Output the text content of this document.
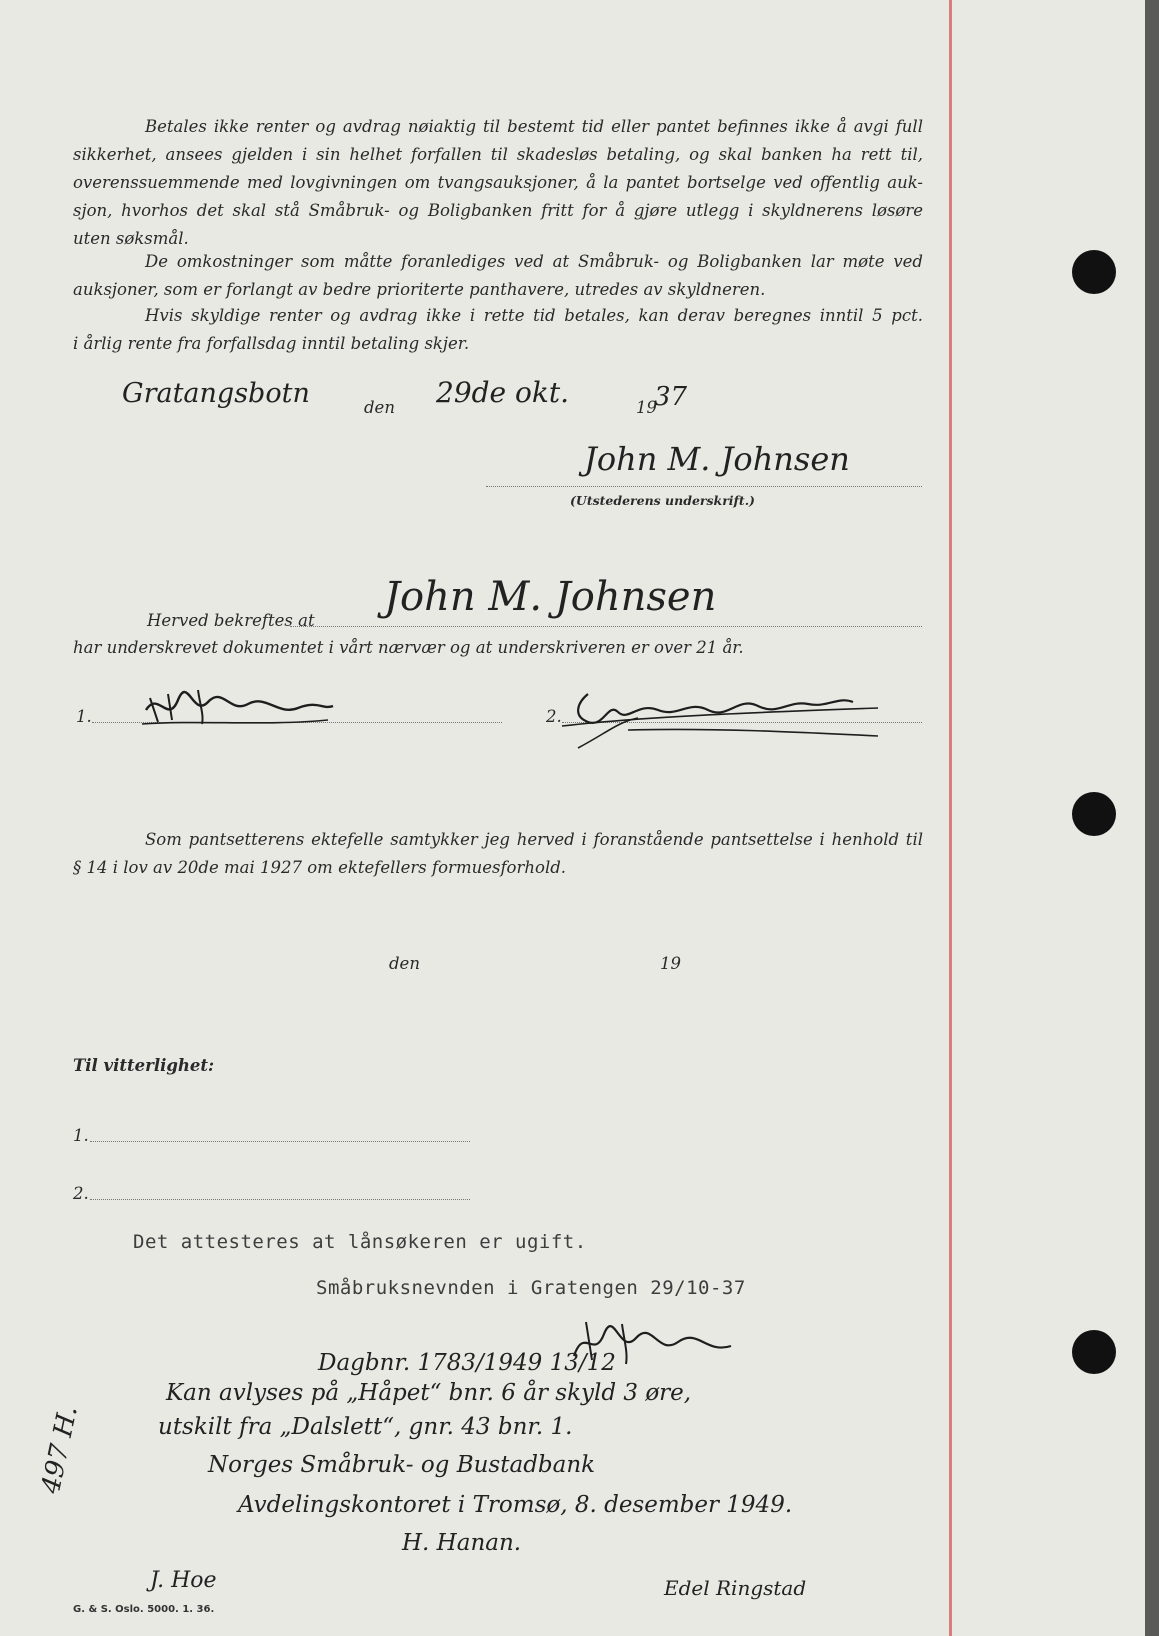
Betales ikke renter og avdrag nøiaktig til bestemt tid eller pantet befinnes ikke å avgi full
sikkerhet, ansees gjelden i sin helhet forfallen til skadesløs betaling, og skal banken ha rett til,
overenssuemmende med lovgivningen om tvangsauksjoner, å la pantet bortselge ved offentlig auk-
sjon, hvorhos det skal stå Småbruk- og Boligbanken fritt for å gjøre utlegg i skyldnerens løsøre
uten søksmål.
De omkostninger som måtte foranlediges ved at Småbruk- og Boligbanken lar møte ved
auksjoner, som er forlangt av bedre prioriterte panthavere, utredes av skyldneren.
Hvis skyldige renter og avdrag ikke i rette tid betales, kan derav beregnes inntil 5 pct.
i årlig rente fra forfallsdag inntil betaling skjer.
Gratangsbotn	den 29de okt.	19
37
John M. Johnsen
(Utstederens underskrift.)
Herved bekreftes at
John M. Johnsen
har underskrevet dokumentet i vårt nærvær og at underskriveren er over 21 år.
1.	2.
Som pantsetterens ektefelle samtykker jeg herved i foranstående pantsettelse i henhold til
§ 14 i lov av 20de mai 1927 om ektefellers formuesforhold.
den	19
Til vitterlighet:
1.
2.
Det attesteres at lånsøkeren er ugift.
Småbruksnevnden i Gratengen 29/10-37
Dagbnr. 1783/1949 13/12
Kan avlyses på „Håpet“ bnr. 6 år skyld 3 øre,
utskilt fra „Dalslett“, gnr. 43 bnr. 1.
Norges Småbruk- og Bustadbank
Avdelingskontoret i Tromsø, 8. desember 1949.
H. Hanan.
497 H.
J. Hoe	Edel Ringstad
G. & S. Oslo. 5000. 1. 36.
